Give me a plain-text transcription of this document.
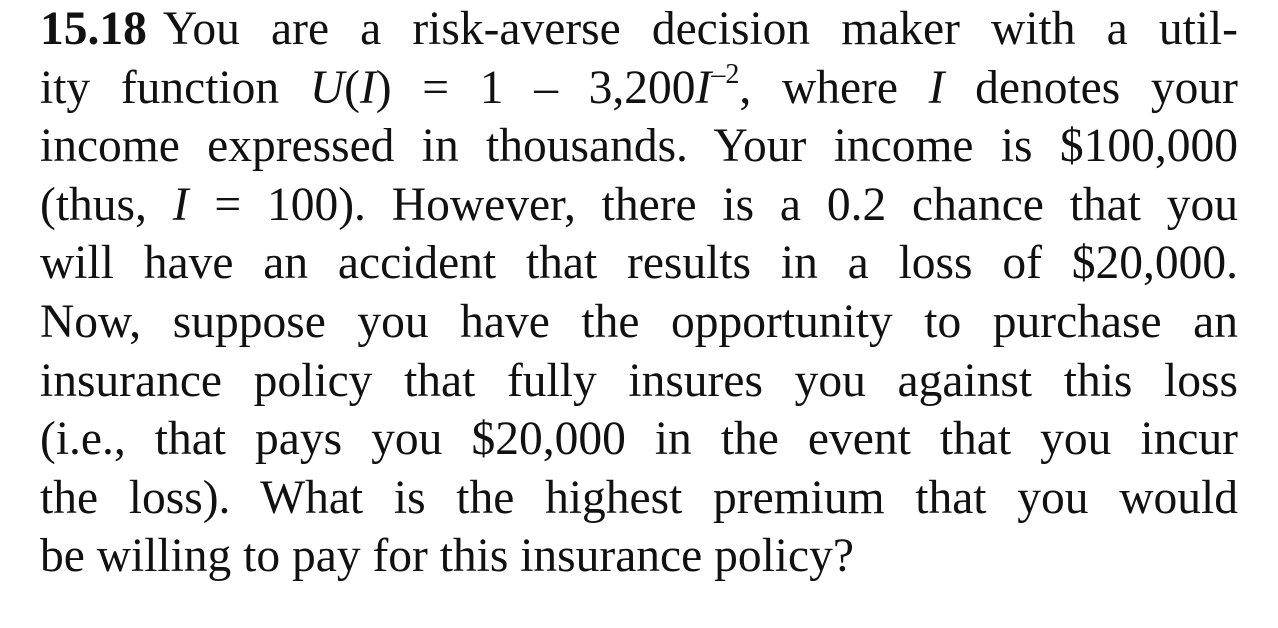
15.18 You are a risk-averse decision maker with a util-
ity function $U(I) = 1 - 3,200I^{-2}$, where I denotes your
income expressed in thousands. Your income is $100,000
(thus, I = 100). However, there is a 0.2 chance that you
will have an accident that results in a loss of $20,000.
Now, suppose you have the opportunity to purchase an
insurance policy that fully insures you against this loss
(i.e., that pays you $20,000 in the event that you incur
the loss). What is the highest premium that you would
be willing to pay for this insurance policy?
